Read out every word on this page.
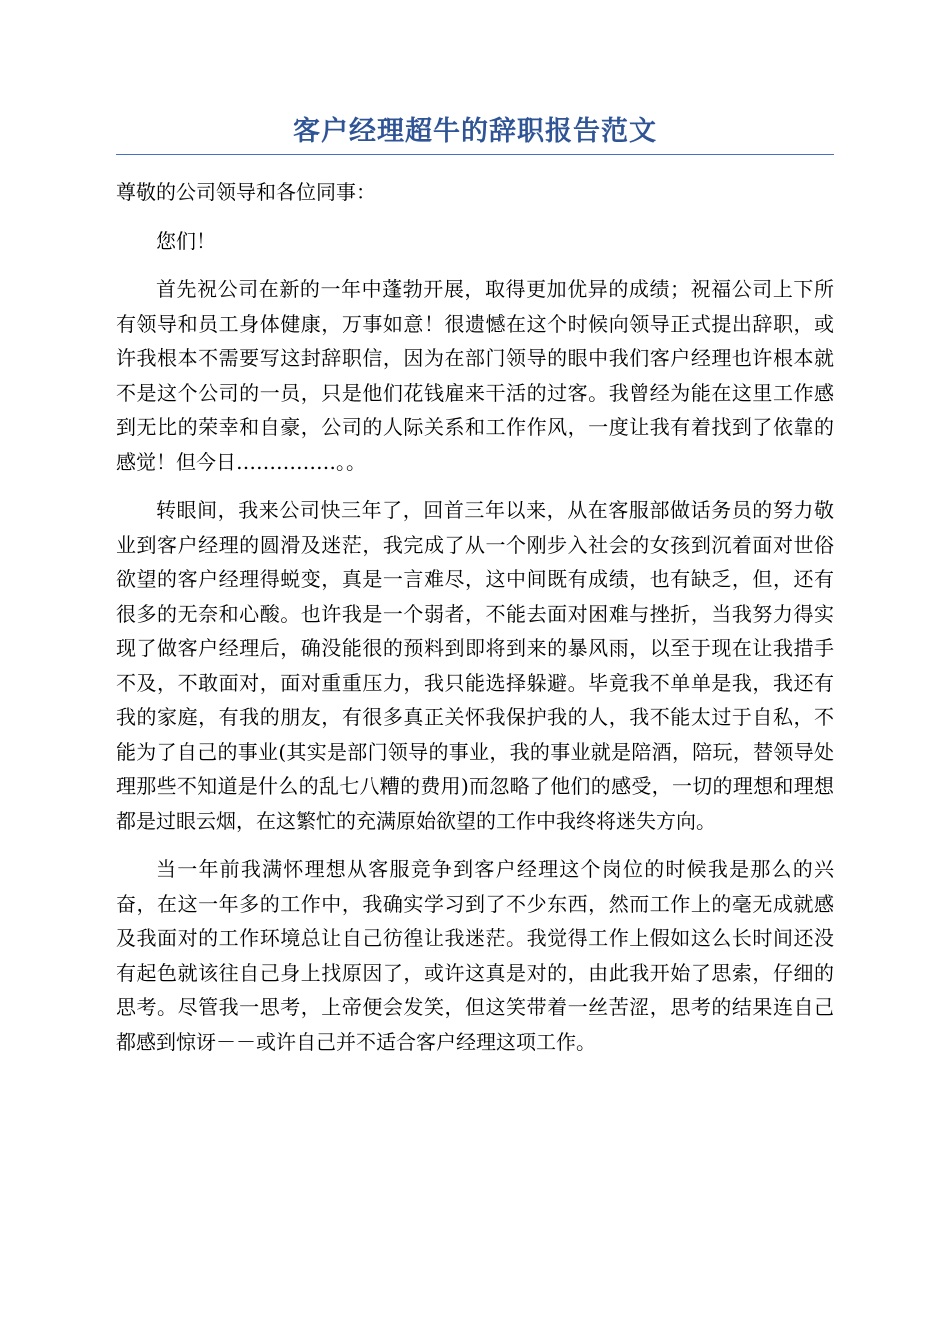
客户经理超牛的辞职报告范文

尊敬的公司领导和各位同事：

您们！

首先祝公司在新的一年中蓬勃开展，取得更加优异的成绩；祝福公司上下所有领导和员工身体健康，万事如意！很遗憾在这个时候向领导正式提出辞职，或许我根本不需要写这封辞职信，因为在部门领导的眼中我们客户经理也许根本就不是这个公司的一员，只是他们花钱雇来干活的过客。我曾经为能在这里工作感到无比的荣幸和自豪，公司的人际关系和工作作风，一度让我有着找到了依靠的感觉！但今日……………。。

转眼间，我来公司快三年了，回首三年以来，从在客服部做话务员的努力敬业到客户经理的圆滑及迷茫，我完成了从一个刚步入社会的女孩到沉着面对世俗欲望的客户经理得蜕变，真是一言难尽，这中间既有成绩，也有缺乏，但，还有很多的无奈和心酸。也许我是一个弱者，不能去面对困难与挫折，当我努力得实现了做客户经理后，确没能很的预料到即将到来的暴风雨，以至于现在让我措手不及，不敢面对，面对重重压力，我只能选择躲避。毕竟我不单单是我，我还有我的家庭，有我的朋友，有很多真正关怀我保护我的人，我不能太过于自私，不能为了自己的事业(其实是部门领导的事业，我的事业就是陪酒，陪玩，替领导处理那些不知道是什么的乱七八糟的费用)而忽略了他们的感受，一切的理想和理想都是过眼云烟，在这繁忙的充满原始欲望的工作中我终将迷失方向。

当一年前我满怀理想从客服竞争到客户经理这个岗位的时候我是那么的兴奋，在这一年多的工作中，我确实学习到了不少东西，然而工作上的毫无成就感及我面对的工作环境总让自己彷徨让我迷茫。我觉得工作上假如这么长时间还没有起色就该往自己身上找原因了，或许这真是对的，由此我开始了思索，仔细的思考。尽管我一思考，上帝便会发笑，但这笑带着一丝苦涩，思考的结果连自己都感到惊讶－－或许自己并不适合客户经理这项工作。
